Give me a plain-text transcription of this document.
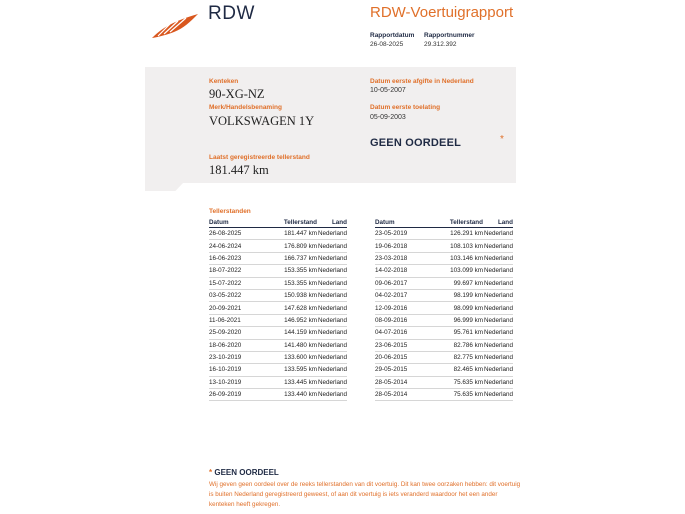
RDW	RDW-Voertuigrapport
Rapportdatum
26-08-2025
Rapportnummer
29.312.392
Kenteken
90-XG-NZ
Merk/Handelsbenaming
VOLKSWAGEN 1Y
Laatst geregistreerde tellerstand
181.447 km
Datum eerste afgifte in Nederland
10-05-2007
Datum eerste toelating
05-09-2003
GEEN OORDEEL	*
Tellerstanden
Datum	Tellerstand	Land
26-08-2025	181.447 km	Nederland
24-06-2024	176.809 km	Nederland
16-06-2023	166.737 km	Nederland
18-07-2022	153.355 km	Nederland
15-07-2022	153.355 km	Nederland
03-05-2022	150.938 km	Nederland
20-09-2021	147.628 km	Nederland
11-06-2021	146.952 km	Nederland
25-09-2020	144.159 km	Nederland
18-06-2020	141.480 km	Nederland
23-10-2019	133.600 km	Nederland
16-10-2019	133.595 km	Nederland
13-10-2019	133.445 km	Nederland
26-09-2019	133.440 km	Nederland
Datum	Tellerstand	Land
23-05-2019	126.291 km	Nederland
19-06-2018	108.103 km	Nederland
23-03-2018	103.146 km	Nederland
14-02-2018	103.099 km	Nederland
09-06-2017	99.697 km	Nederland
04-02-2017	98.199 km	Nederland
12-09-2016	98.099 km	Nederland
08-09-2016	96.999 km	Nederland
04-07-2016	95.761 km	Nederland
23-06-2015	82.786 km	Nederland
20-06-2015	82.775 km	Nederland
29-05-2015	82.465 km	Nederland
28-05-2014	75.635 km	Nederland
28-05-2014	75.635 km	Nederland
* GEEN OORDEEL
Wij geven geen oordeel over de reeks tellerstanden van dit voertuig. Dit kan twee oorzaken hebben: dit voertuig is buiten Nederland geregistreerd geweest, of aan dit voertuig is iets veranderd waardoor het een ander kenteken heeft gekregen.
